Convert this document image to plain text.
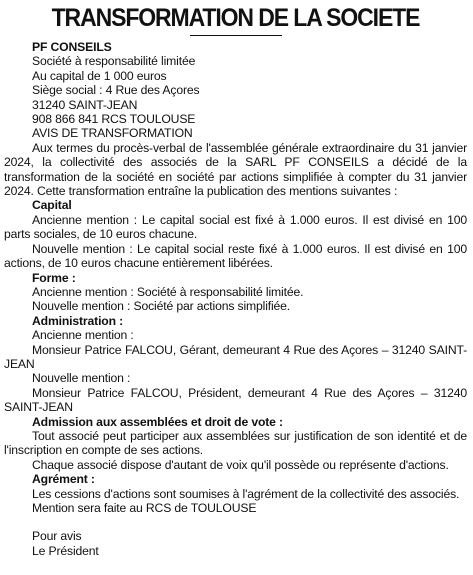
TRANSFORMATION DE LA SOCIETE
PF CONSEILS
Société à responsabilité limitée
Au capital de 1 000 euros
Siège social : 4 Rue des Açores
31240 SAINT-JEAN
908 866 841 RCS TOULOUSE
AVIS DE TRANSFORMATION
Aux termes du procès-verbal de l'assemblée générale extraordinaire du 31 janvier 2024, la collectivité des associés de la SARL PF CONSEILS a décidé de la transformation de la société en société par actions simplifiée à compter du 31 janvier 2024. Cette transformation entraîne la publication des mentions suivantes :
Capital
Ancienne mention : Le capital social est fixé à 1.000 euros. Il est divisé en 100 parts sociales, de 10 euros chacune.
Nouvelle mention : Le capital social reste fixé à 1.000 euros. Il est divisé en 100 actions, de 10 euros chacune entièrement libérées.
Forme :
Ancienne mention : Société à responsabilité limitée.
Nouvelle mention : Société par actions simplifiée.
Administration :
Ancienne mention :
Monsieur Patrice FALCOU, Gérant, demeurant 4 Rue des Açores – 31240 SAINT-JEAN
Nouvelle mention :
Monsieur Patrice FALCOU, Président, demeurant 4 Rue des Açores – 31240 SAINT-JEAN
Admission aux assemblées et droit de vote :
Tout associé peut participer aux assemblées sur justification de son identité et de l'inscription en compte de ses actions.
Chaque associé dispose d'autant de voix qu'il possède ou représente d'actions.
Agrément :
Les cessions d'actions sont soumises à l'agrément de la collectivité des associés.
Mention sera faite au RCS de TOULOUSE
Pour avis
Le Président
